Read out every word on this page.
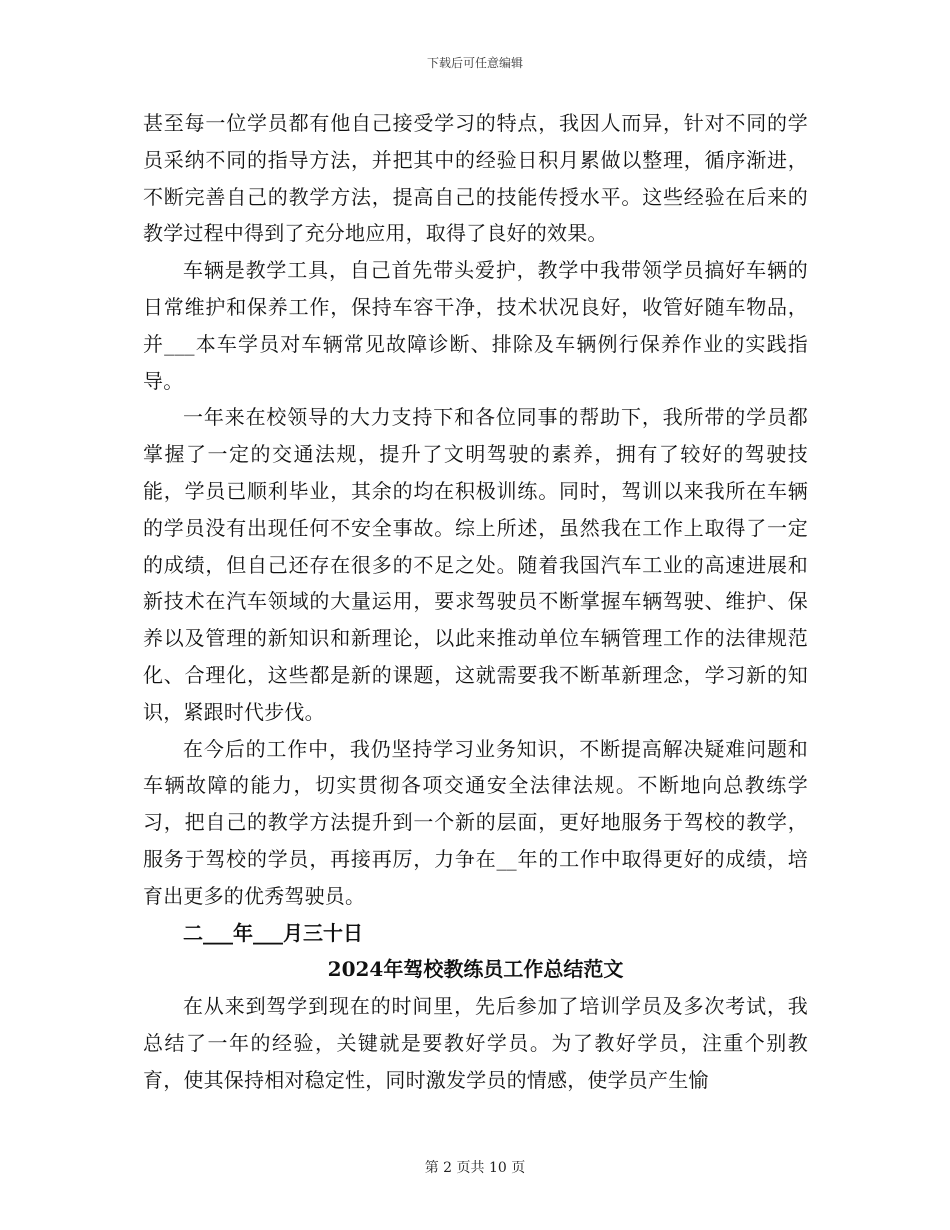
下载后可任意编辑

甚至每一位学员都有他自己接受学习的特点，我因人而异，针对不同的学员采纳不同的指导方法，并把其中的经验日积月累做以整理，循序渐进，不断完善自己的教学方法，提高自己的技能传授水平。这些经验在后来的教学过程中得到了充分地应用，取得了良好的效果。

车辆是教学工具，自己首先带头爱护，教学中我带领学员搞好车辆的日常维护和保养工作，保持车容干净，技术状况良好，收管好随车物品，并___本车学员对车辆常见故障诊断、排除及车辆例行保养作业的实践指导。

一年来在校领导的大力支持下和各位同事的帮助下，我所带的学员都掌握了一定的交通法规，提升了文明驾驶的素养，拥有了较好的驾驶技能，学员已顺利毕业，其余的均在积极训练。同时，驾训以来我所在车辆的学员没有出现任何不安全事故。综上所述，虽然我在工作上取得了一定的成绩，但自己还存在很多的不足之处。随着我国汽车工业的高速进展和新技术在汽车领域的大量运用，要求驾驶员不断掌握车辆驾驶、维护、保养以及管理的新知识和新理论，以此来推动单位车辆管理工作的法律规范化、合理化，这些都是新的课题，这就需要我不断革新理念，学习新的知识，紧跟时代步伐。

在今后的工作中，我仍坚持学习业务知识，不断提高解决疑难问题和车辆故障的能力，切实贯彻各项交通安全法律法规。不断地向总教练学习，把自己的教学方法提升到一个新的层面，更好地服务于驾校的教学，服务于驾校的学员，再接再厉，力争在__年的工作中取得更好的成绩，培育出更多的优秀驾驶员。

二___年___月三十日

2024年驾校教练员工作总结范文

在从来到驾学到现在的时间里，先后参加了培训学员及多次考试，我总结了一年的经验，关键就是要教好学员。为了教好学员，注重个别教育，使其保持相对稳定性，同时激发学员的情感，使学员产生愉

第 2 页共 10 页
